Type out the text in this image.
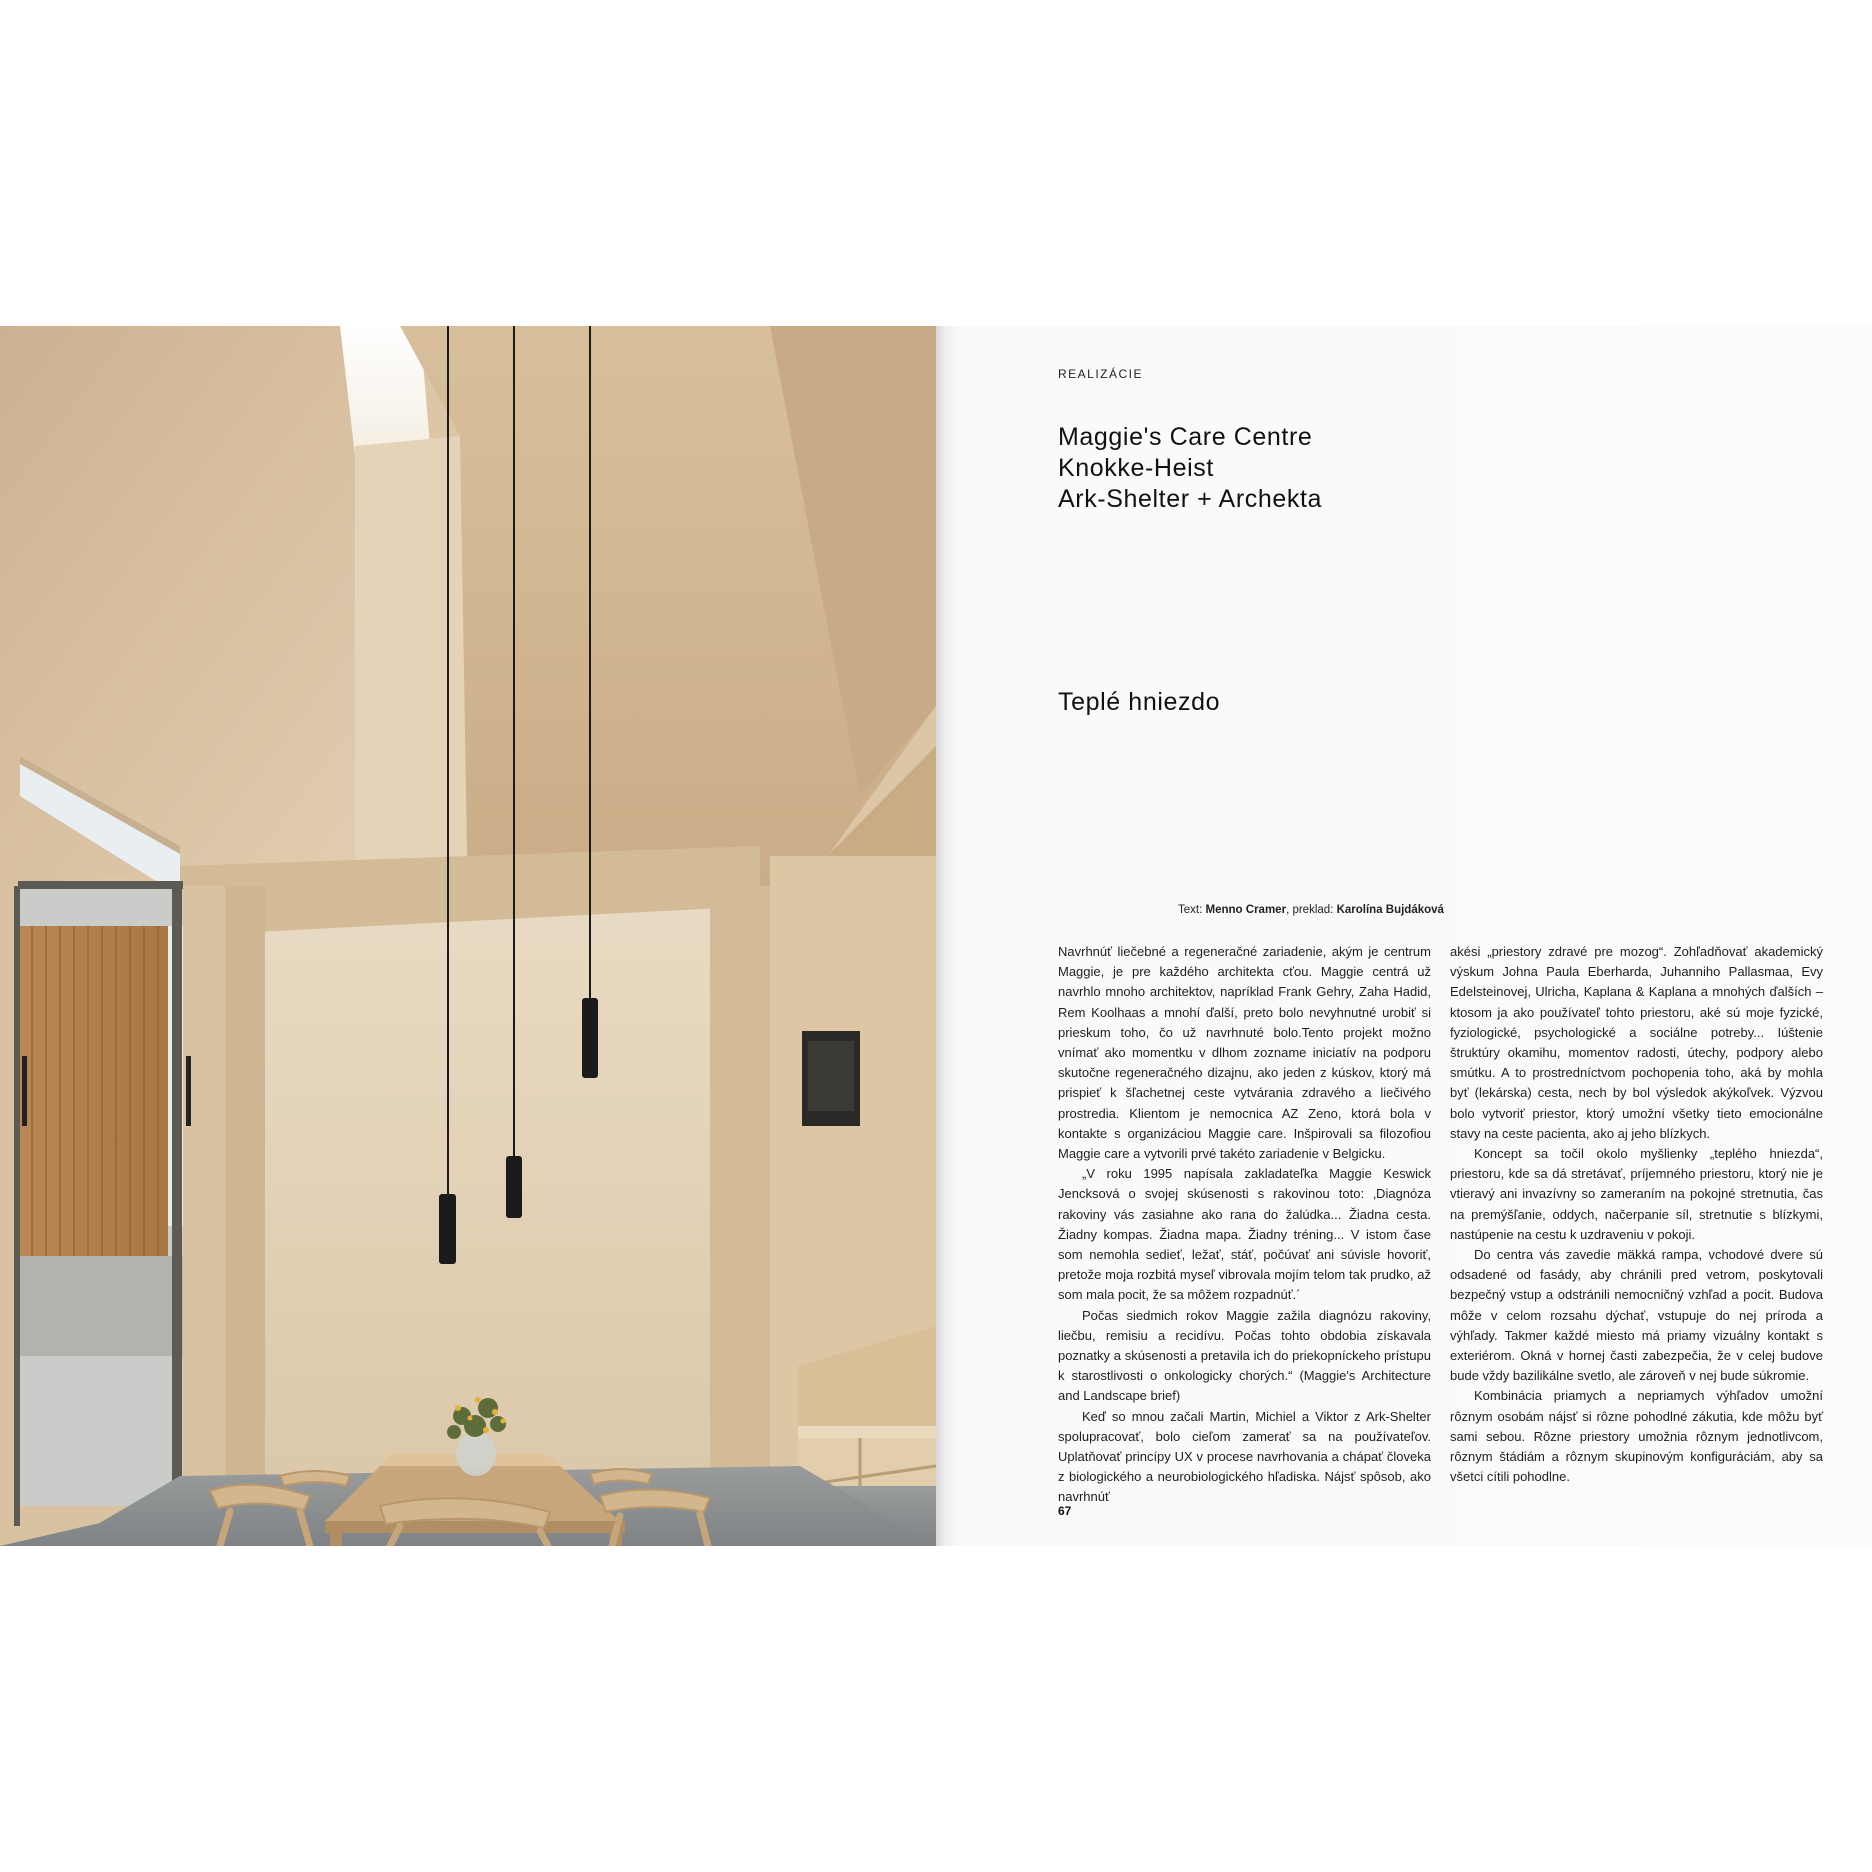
REALIZÁCIE
Maggie's Care Centre
Knokke-Heist
Ark-Shelter + Archekta
Teplé hniezdo
Text: Menno Cramer, preklad: Karolína Bujdáková

Navrhnúť liečebné a regeneračné zariadenie, akým je centrum Maggie, je pre každého architekta cťou. Maggie centrá už navrhlo mnoho architektov, napríklad Frank Gehry, Zaha Hadid, Rem Koolhaas a mnohí ďalší, preto bolo nevyhnutné urobiť si prieskum toho, čo už navrhnuté bolo.Tento projekt možno vnímať ako momentku v dlhom zozname iniciatív na podporu skutočne regeneračného dizajnu, ako jeden z kúskov, ktorý má prispieť k šľachetnej ceste vytvárania zdravého a liečivého prostredia. Klientom je nemocnica AZ Zeno, ktorá bola v kontakte s organizáciou Maggie care. Inšpirovali sa filozofiou Maggie care a vytvorili prvé takéto zariadenie v Belgicku.

„V roku 1995 napísala zakladateľka Maggie Keswick Jencksová o svojej skúsenosti s rakovinou toto: ‚Diagnóza rakoviny vás zasiahne ako rana do žalúdka... Žiadna cesta. Žiadny kompas. Žiadna mapa. Žiadny tréning... V istom čase som nemohla sedieť, ležať, stáť, počúvať ani súvisle hovoriť, pretože moja rozbitá myseľ vibrovala mojím telom tak prudko, až som mala pocit, že sa môžem rozpadnúť.´

Počas siedmich rokov Maggie zažila diagnózu rakoviny, liečbu, remisiu a recidívu. Počas tohto obdobia získavala poznatky a skúsenosti a pretavila ich do priekopníckeho prístupu k starostlivosti o onkologicky chorých.“ (Maggie's Architecture and Landscape brief)

Keď so mnou začali Martin, Michiel a Viktor z Ark-Shelter spolupracovať, bolo cieľom zamerať sa na používateľov. Uplatňovať princípy UX v procese navrhovania a chápať človeka z biologického a neurobiologického hľadiska. Nájsť spôsob, ako navrhnúť

akési „priestory zdravé pre mozog“. Zohľadňovať akademický výskum Johna Paula Eberharda, Juhanniho Pallasmaa, Evy Edelsteinovej, Ulricha, Kaplana & Kaplana a mnohých ďalších – ktosom ja ako používateľ tohto priestoru, aké sú moje fyzické, fyziologické, psychologické a sociálne potreby... Iúštenie štruktúry okamihu, momentov radosti, útechy, podpory alebo smútku. A to prostredníctvom pochopenia toho, aká by mohla byť (lekárska) cesta, nech by bol výsledok akýkoľvek. Výzvou bolo vytvoriť priestor, ktorý umožní všetky tieto emocionálne stavy na ceste pacienta, ako aj jeho blízkych.

Koncept sa točil okolo myšlienky „teplého hniezda“, priestoru, kde sa dá stretávať, príjemného priestoru, ktorý nie je vtieravý ani invazívny so zameraním na pokojné stretnutia, čas na premýšľanie, oddych, načerpanie síl, stretnutie s blízkymi, nastúpenie na cestu k uzdraveniu v pokoji.

Do centra vás zavedie mäkká rampa, vchodové dvere sú odsadené od fasády, aby chránili pred vetrom, poskytovali bezpečný vstup a odstránili nemocničný vzhľad a pocit. Budova môže v celom rozsahu dýchať, vstupuje do nej príroda a výhľady. Takmer každé miesto má priamy vizuálny kontakt s exteriérom. Okná v hornej časti zabezpečia, že v celej budove bude vždy bazilikálne svetlo, ale zároveň v nej bude súkromie.

Kombinácia priamych a nepriamych výhľadov umožní rôznym osobám nájsť si rôzne pohodlné zákutia, kde môžu byť sami sebou. Rôzne priestory umožnia rôznym jednotlivcom, rôznym štádiám a rôznym skupinovým konfiguráciám, aby sa všetci cítili pohodlne.

67
